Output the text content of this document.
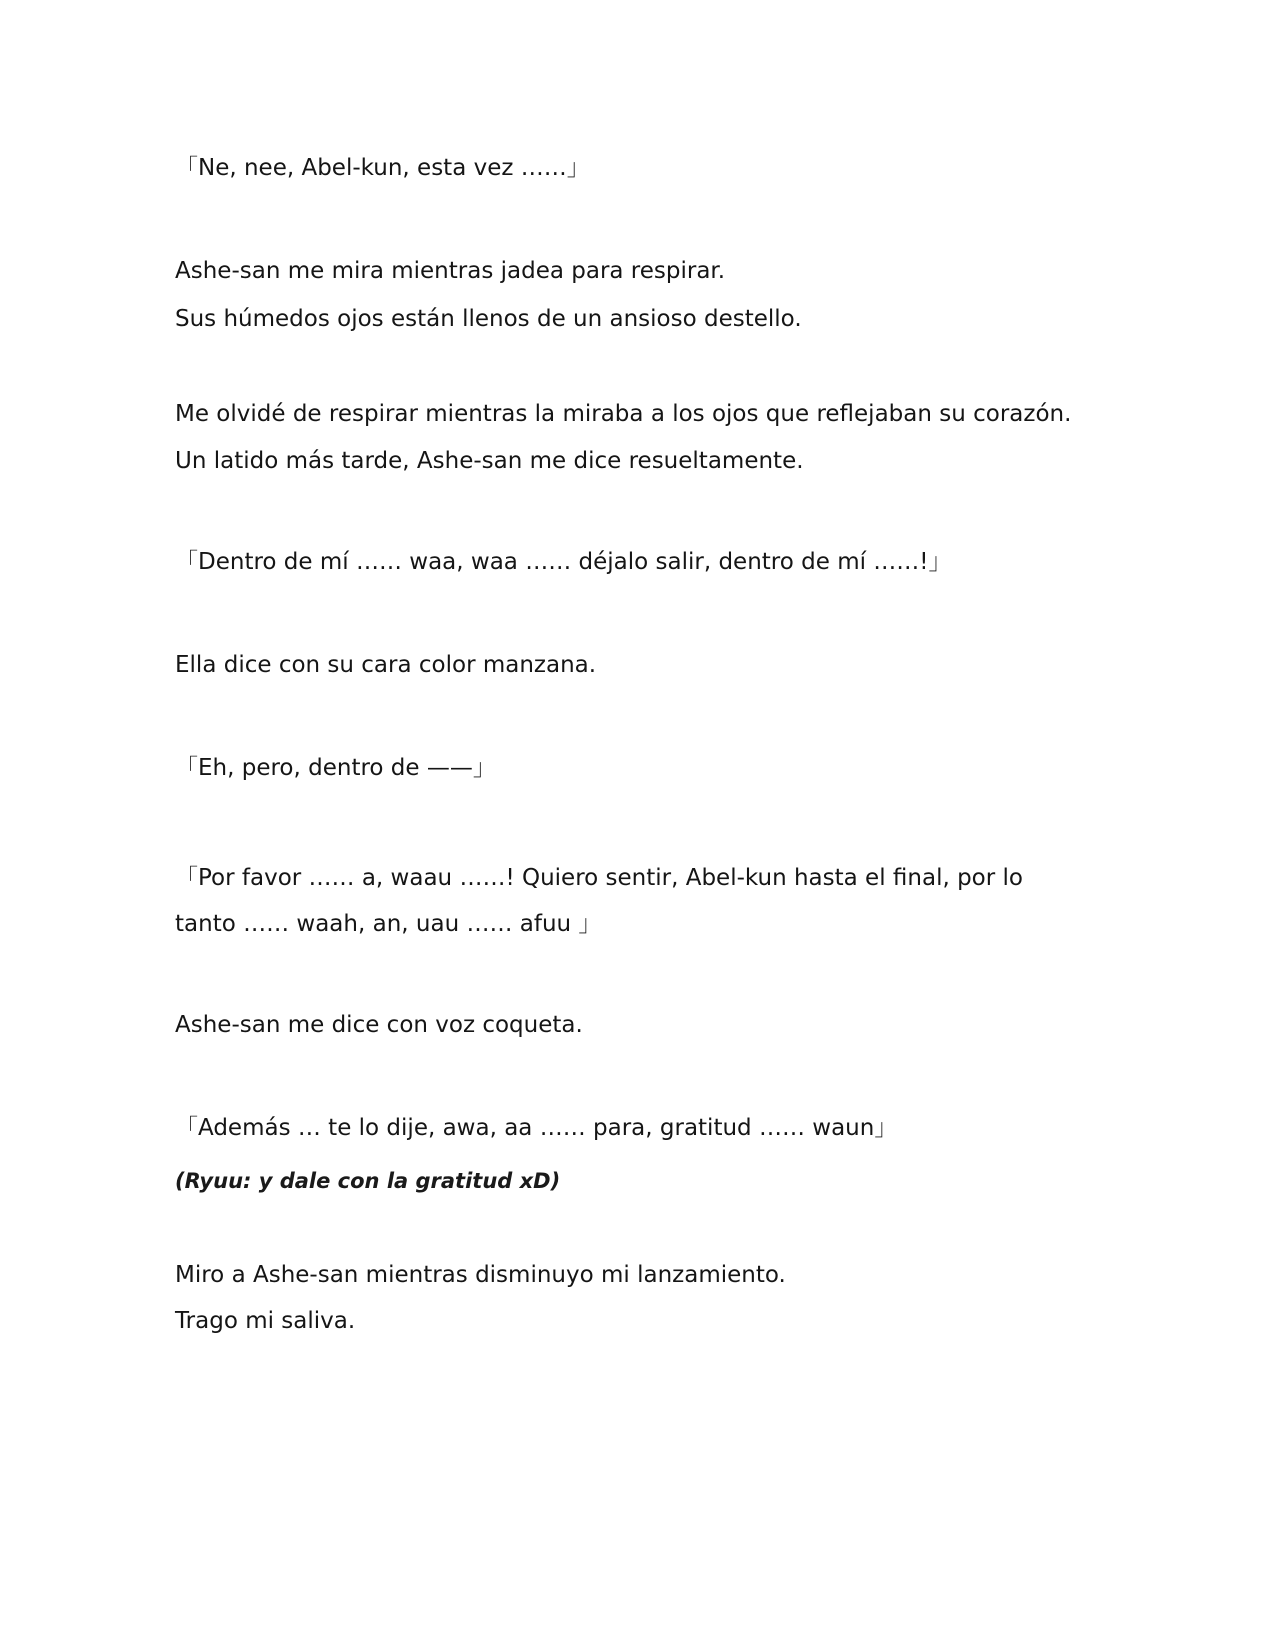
「Ne, nee, Abel-kun, esta vez ……」

Ashe-san me mira mientras jadea para respirar.

Sus húmedos ojos están llenos de un ansioso destello.

Me olvidé de respirar mientras la miraba a los ojos que reflejaban su corazón.

Un latido más tarde, Ashe-san me dice resueltamente.

「Dentro de mí …… waa, waa …… déjalo salir, dentro de mí ……!」

Ella dice con su cara color manzana.

「Eh, pero, dentro de ——」

「Por favor …… a, waau ……! Quiero sentir, Abel-kun hasta el final, por lo

tanto …… waah, an, uau …… afuu 」

Ashe-san me dice con voz coqueta.

「Además … te lo dije, awa, aa …… para, gratitud …… waun」

(Ryuu: y dale con la gratitud xD)

Miro a Ashe-san mientras disminuyo mi lanzamiento.

Trago mi saliva.
